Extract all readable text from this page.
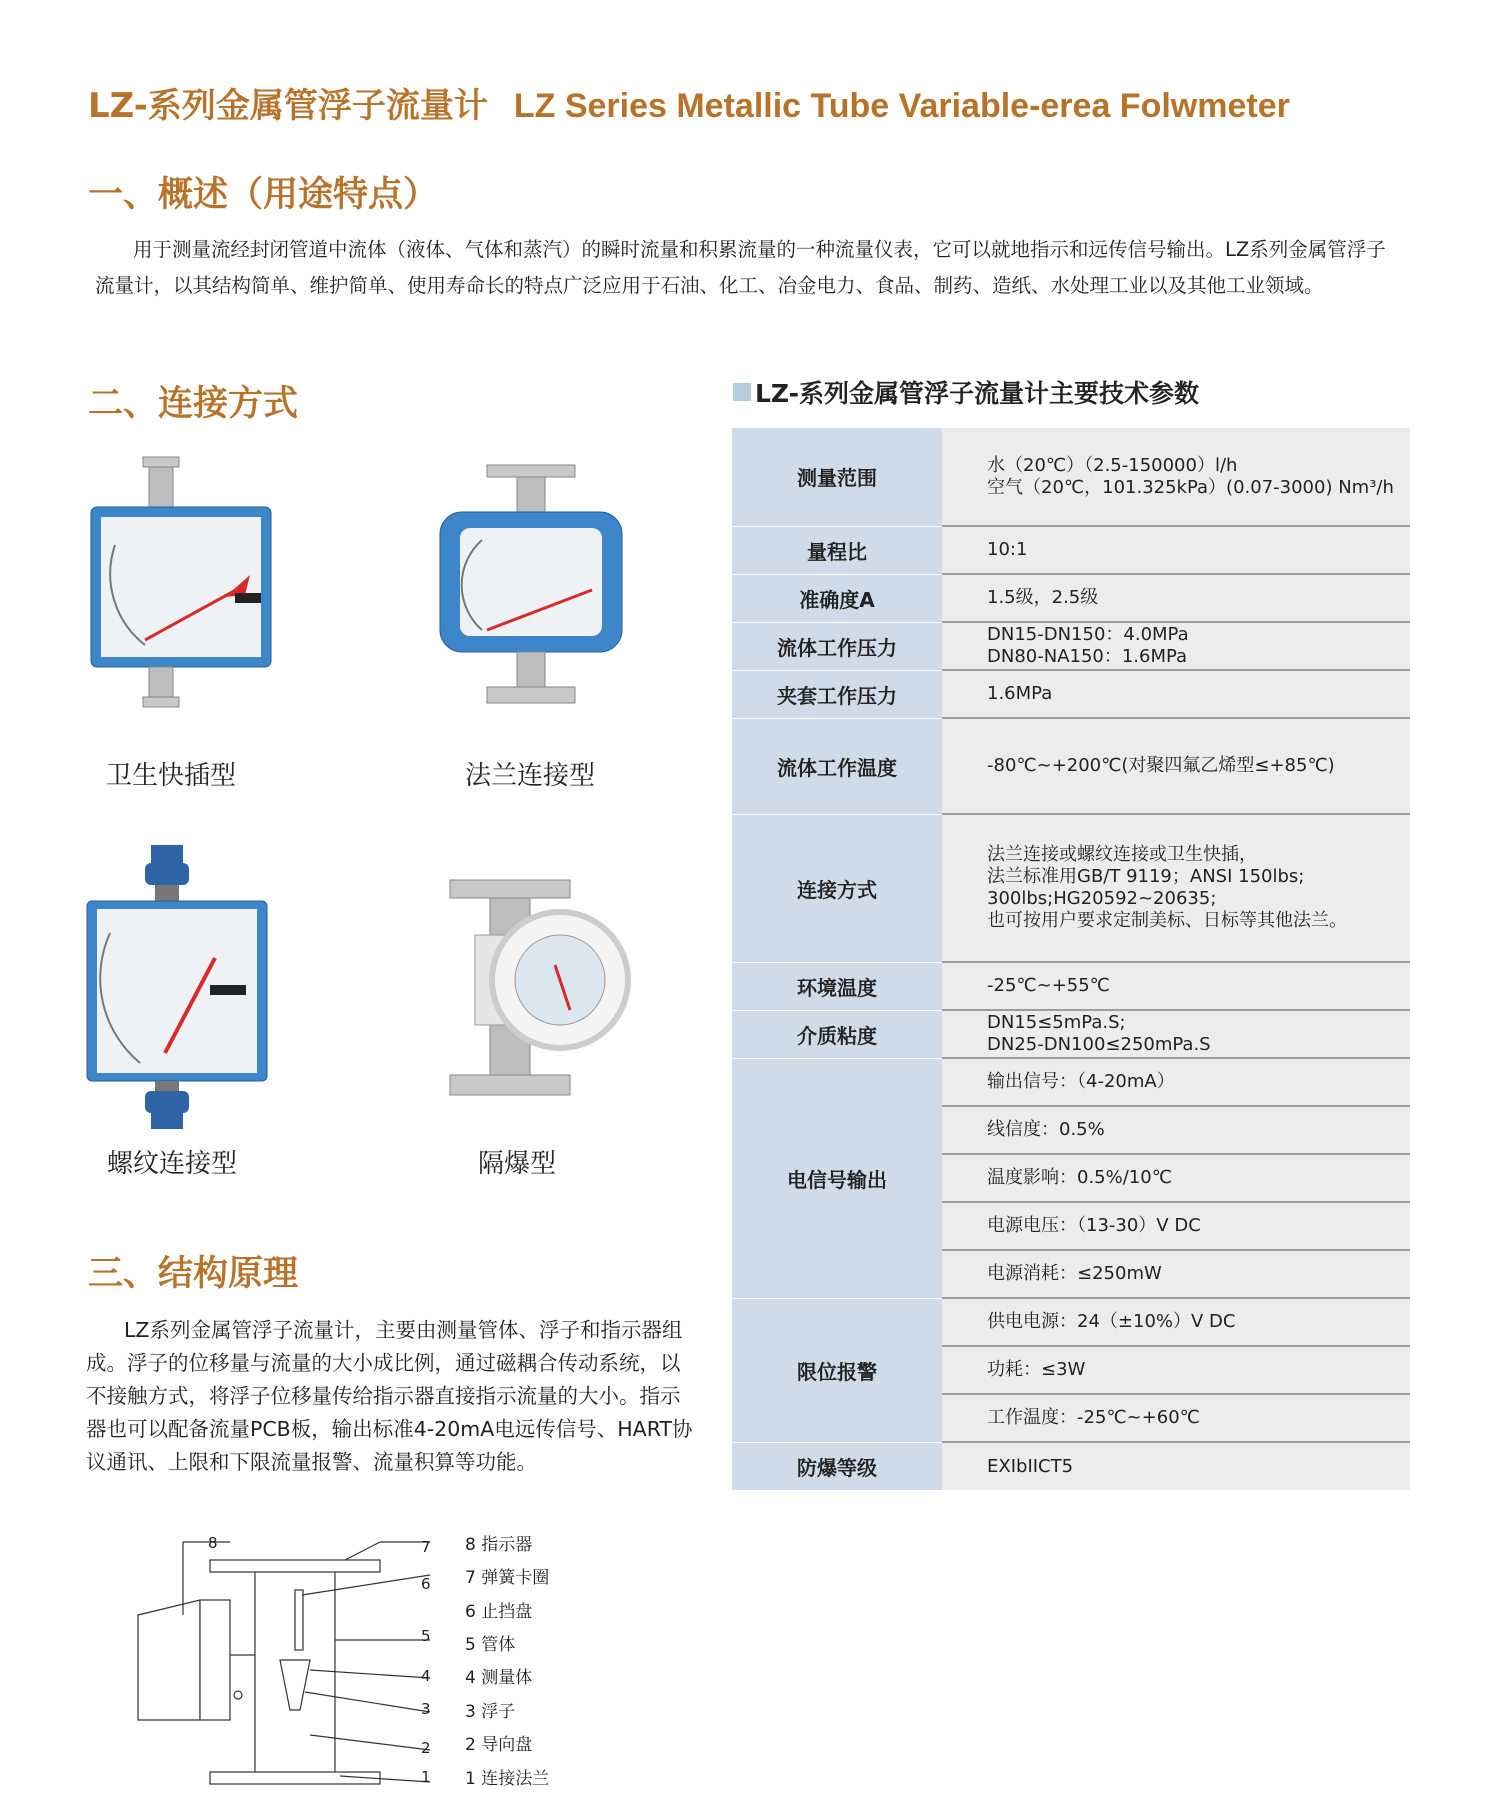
LZ-系列金属管浮子流量计 LZ Series Metallic Tube Variable-erea Folwmeter
一、概述（用途特点）
用于测量流经封闭管道中流体（液体、气体和蒸汽）的瞬时流量和积累流量的一种流量仪表，它可以就地指示和远传信号输出。LZ系列金属管浮子流量计，以其结构简单、维护简单、使用寿命长的特点广泛应用于石油、化工、冶金电力、食品、制药、造纸、水处理工业以及其他工业领域。
二、连接方式
卫生快插型	法兰连接型
螺纹连接型	隔爆型
三、结构原理
LZ系列金属管浮子流量计，主要由测量管体、浮子和指示器组成。浮子的位移量与流量的大小成比例，通过磁耦合传动系统，以不接触方式，将浮子位移量传给指示器直接指示流量的大小。指示器也可以配备流量PCB板，输出标准4-20mA电远传信号、HART协议通讯、上限和下限流量报警、流量积算等功能。
8	7
6
5
4
3
2
1
8 指示器
7 弹簧卡圈
6 止挡盘
5 管体
4 测量体
3 浮子
2 导向盘
1 连接法兰
LZ-系列金属管浮子流量计主要技术参数
测量范围	水（20℃）（2.5-150000）l/h
空气（20℃，101.325kPa）(0.07-3000) Nm³/h

量程比	10:1
准确度A	1.5级，2.5级
流体工作压力	DN15-DN150：4.0MPa
DN80-NA150：1.6MPa

夹套工作压力	1.6MPa
流体工作温度	-80℃~+200℃(对聚四氟乙烯型≤+85℃)
连接方式	法兰连接或螺纹连接或卫生快插，
法兰标准用GB/T 9119；ANSI 150lbs;
300lbs;HG20592~20635;
也可按用户要求定制美标、日标等其他法兰。

环境温度	-25℃~+55℃
介质粘度	DN15≤5mPa.S;
DN25-DN100≤250mPa.S

电信号输出	输出信号：（4-20mA）
	线信度：0.5%
	温度影响：0.5%/10℃
	电源电压：（13-30）V DC
	电源消耗：≤250mW
限位报警	供电电源：24（±10%）V DC
	功耗：≤3W
	工作温度：-25℃~+60℃
防爆等级	EXIbIICT5
